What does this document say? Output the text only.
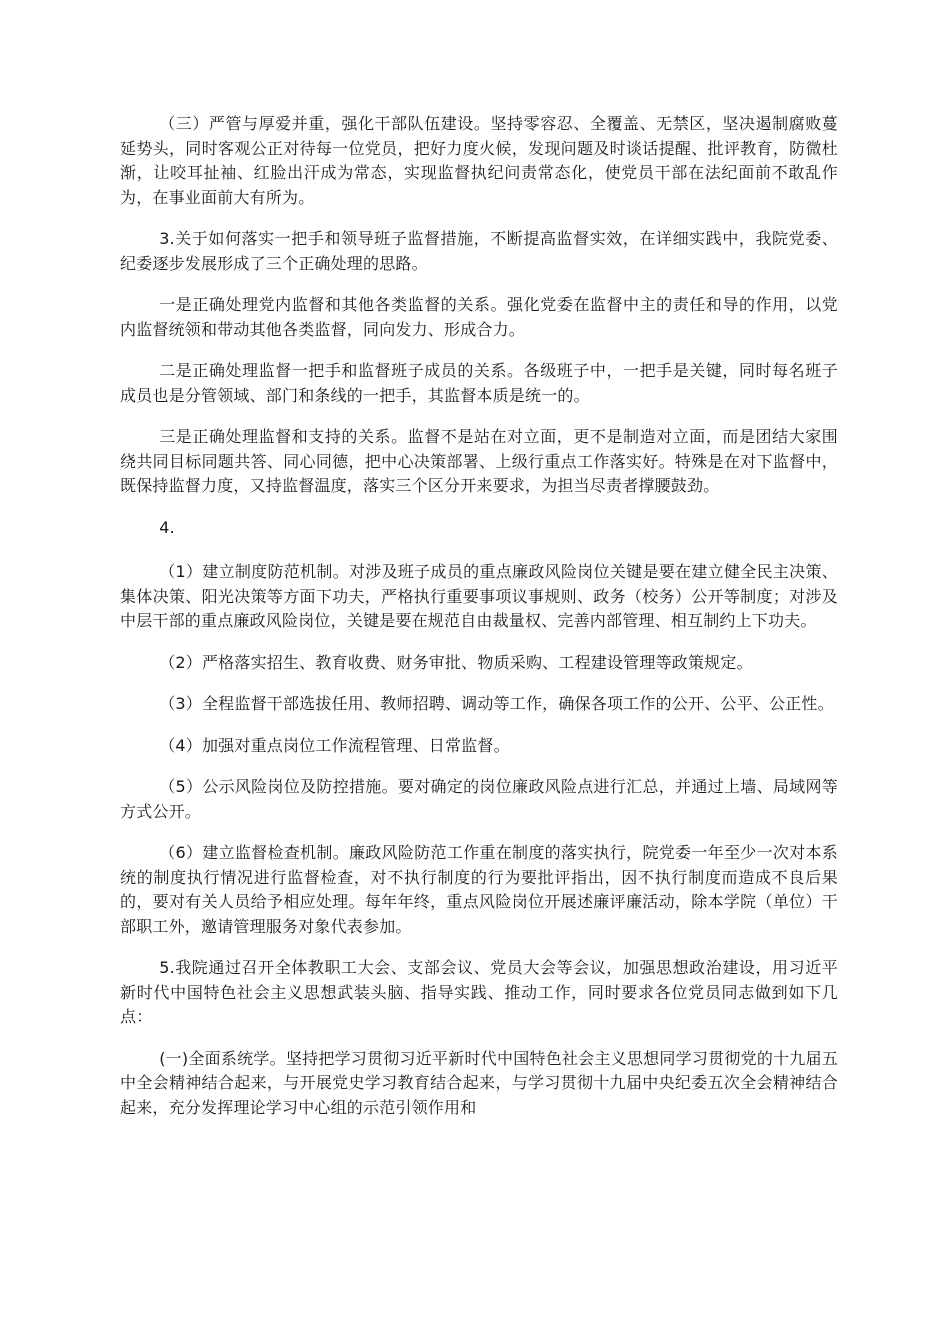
（三）严管与厚爱并重，强化干部队伍建设。坚持零容忍、全覆盖、无禁区，坚决遏制腐败蔓延势头，同时客观公正对待每一位党员，把好力度火候，发现问题及时谈话提醒、批评教育，防微杜渐，让咬耳扯袖、红脸出汗成为常态，实现监督执纪问责常态化，使党员干部在法纪面前不敢乱作为，在事业面前大有所为。

3.关于如何落实一把手和领导班子监督措施，不断提高监督实效，在详细实践中，我院党委、纪委逐步发展形成了三个正确处理的思路。

一是正确处理党内监督和其他各类监督的关系。强化党委在监督中主的责任和导的作用，以党内监督统领和带动其他各类监督，同向发力、形成合力。

二是正确处理监督一把手和监督班子成员的关系。各级班子中，一把手是关键，同时每名班子成员也是分管领域、部门和条线的一把手，其监督本质是统一的。

三是正确处理监督和支持的关系。监督不是站在对立面，更不是制造对立面，而是团结大家围绕共同目标同题共答、同心同德，把中心决策部署、上级行重点工作落实好。特殊是在对下监督中，既保持监督力度，又持监督温度，落实三个区分开来要求，为担当尽责者撑腰鼓劲。

4.

（1）建立制度防范机制。对涉及班子成员的重点廉政风险岗位关键是要在建立健全民主决策、集体决策、阳光决策等方面下功夫，严格执行重要事项议事规则、政务（校务）公开等制度；对涉及中层干部的重点廉政风险岗位，关键是要在规范自由裁量权、完善内部管理、相互制约上下功夫。

（2）严格落实招生、教育收费、财务审批、物质采购、工程建设管理等政策规定。

（3）全程监督干部选拔任用、教师招聘、调动等工作，确保各项工作的公开、公平、公正性。

（4）加强对重点岗位工作流程管理、日常监督。

（5）公示风险岗位及防控措施。要对确定的岗位廉政风险点进行汇总，并通过上墙、局域网等方式公开。

（6）建立监督检查机制。廉政风险防范工作重在制度的落实执行，院党委一年至少一次对本系统的制度执行情况进行监督检查，对不执行制度的行为要批评指出，因不执行制度而造成不良后果的，要对有关人员给予相应处理。每年年终，重点风险岗位开展述廉评廉活动，除本学院（单位）干部职工外，邀请管理服务对象代表参加。

5.我院通过召开全体教职工大会、支部会议、党员大会等会议，加强思想政治建设，用习近平新时代中国特色社会主义思想武装头脑、指导实践、推动工作，同时要求各位党员同志做到如下几点：

(一)全面系统学。坚持把学习贯彻习近平新时代中国特色社会主义思想同学习贯彻党的十九届五中全会精神结合起来，与开展党史学习教育结合起来，与学习贯彻十九届中央纪委五次全会精神结合起来，充分发挥理论学习中心组的示范引领作用和
